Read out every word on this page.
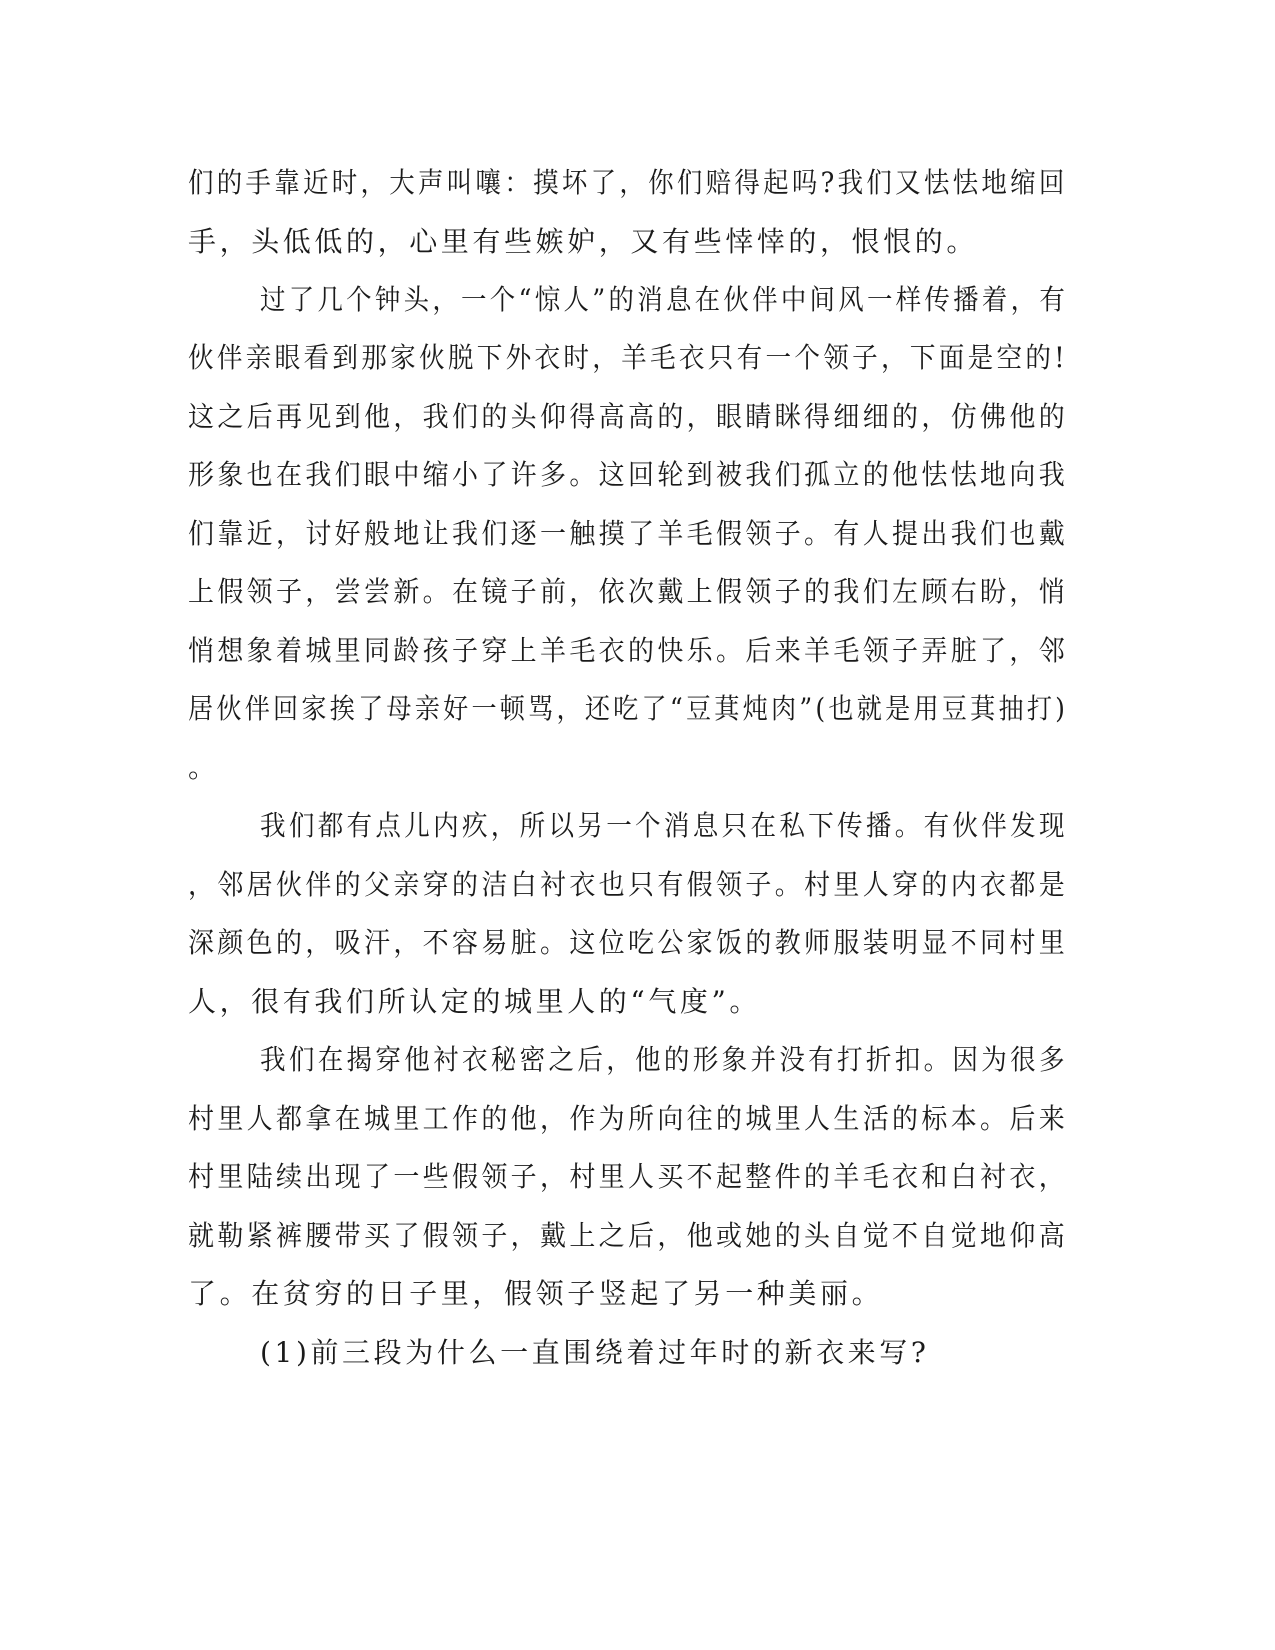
们的手靠近时，大声叫嚷：摸坏了，你们赔得起吗?我们又怯怯地缩回

手，头低低的，心里有些嫉妒，又有些悻悻的，恨恨的。

过了几个钟头，一个“惊人”的消息在伙伴中间风一样传播着，有

伙伴亲眼看到那家伙脱下外衣时，羊毛衣只有一个领子，下面是空的!

这之后再见到他，我们的头仰得高高的，眼睛眯得细细的，仿佛他的

形象也在我们眼中缩小了许多。这回轮到被我们孤立的他怯怯地向我

们靠近，讨好般地让我们逐一触摸了羊毛假领子。有人提出我们也戴

上假领子，尝尝新。在镜子前，依次戴上假领子的我们左顾右盼，悄

悄想象着城里同龄孩子穿上羊毛衣的快乐。后来羊毛领子弄脏了，邻

居伙伴回家挨了母亲好一顿骂，还吃了“豆萁炖肉”(也就是用豆萁抽打)

。

我们都有点儿内疚，所以另一个消息只在私下传播。有伙伴发现

，邻居伙伴的父亲穿的洁白衬衣也只有假领子。村里人穿的内衣都是

深颜色的，吸汗，不容易脏。这位吃公家饭的教师服装明显不同村里

人，很有我们所认定的城里人的“气度”。

我们在揭穿他衬衣秘密之后，他的形象并没有打折扣。因为很多

村里人都拿在城里工作的他，作为所向往的城里人生活的标本。后来

村里陆续出现了一些假领子，村里人买不起整件的羊毛衣和白衬衣，

就勒紧裤腰带买了假领子，戴上之后，他或她的头自觉不自觉地仰高

了。在贫穷的日子里，假领子竖起了另一种美丽。

(1)前三段为什么一直围绕着过年时的新衣来写?
